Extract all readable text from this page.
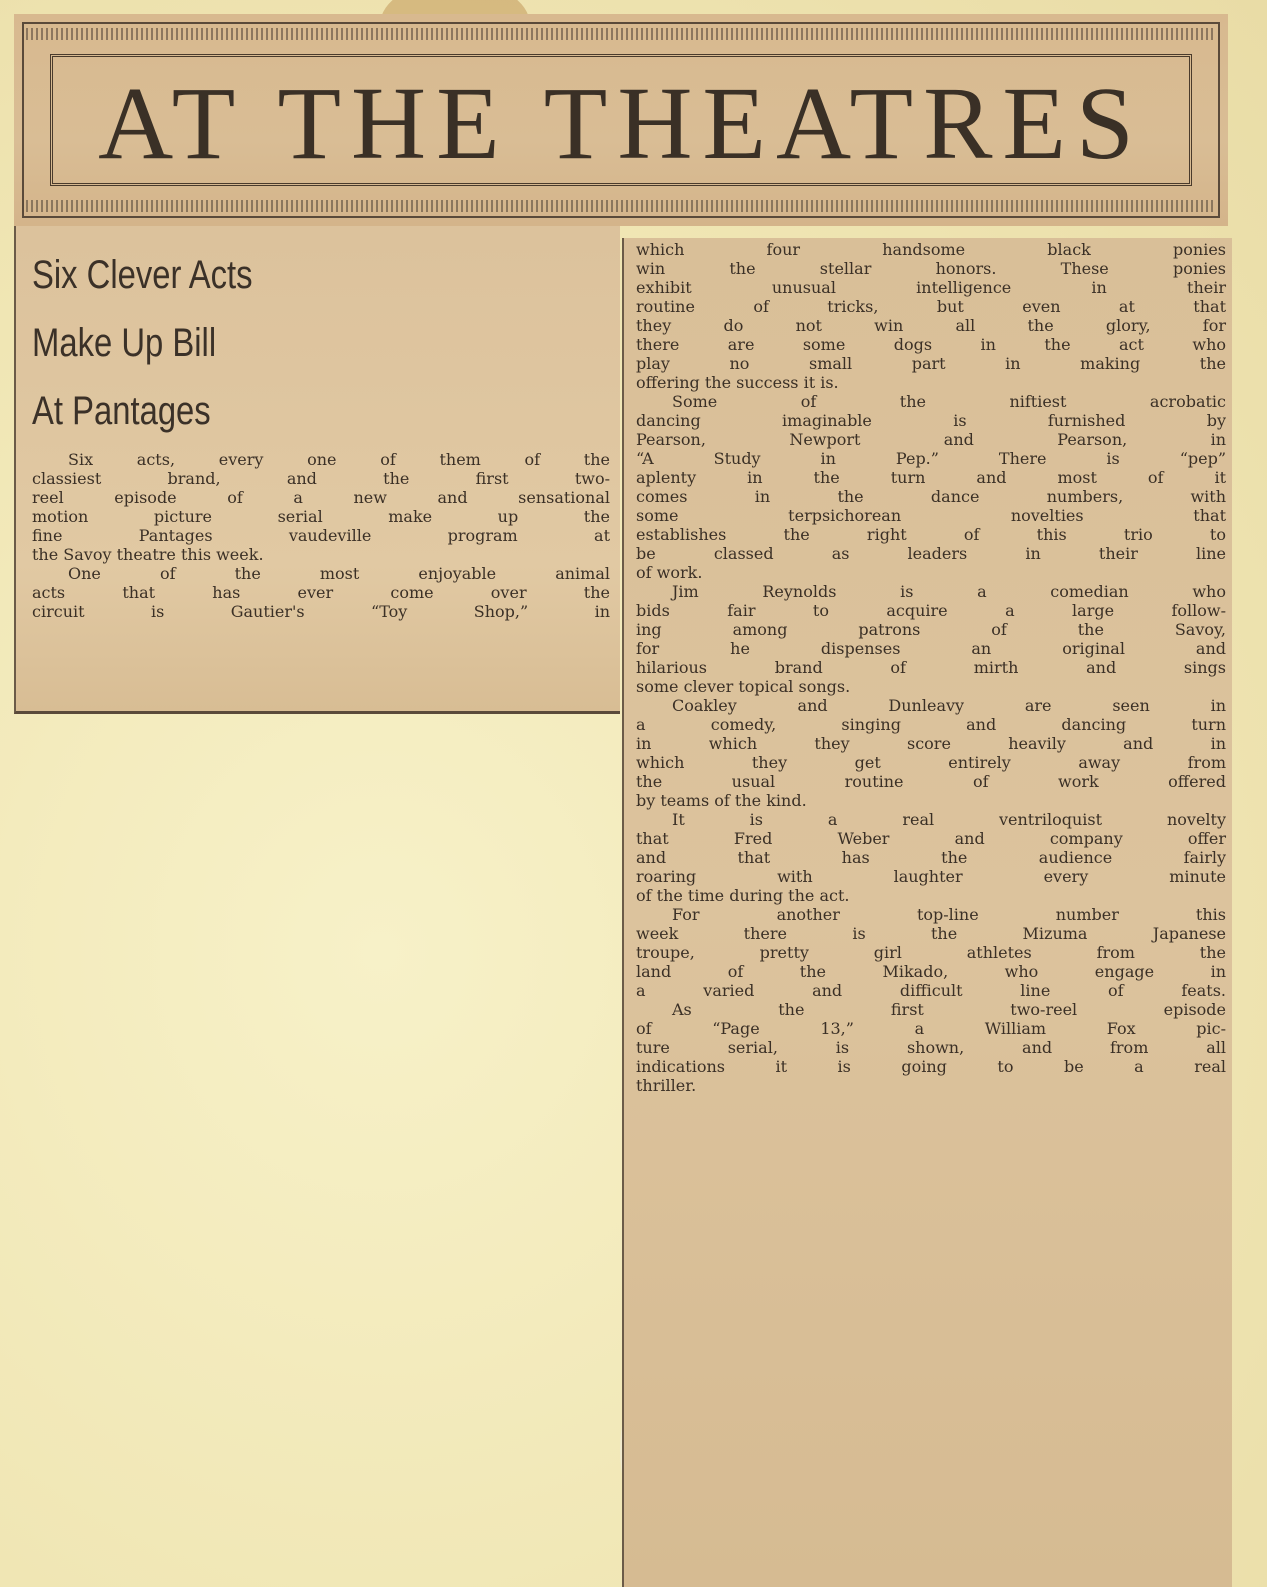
AT THE THEATRES
Six Clever Acts
Make Up Bill
At Pantages
Six acts, every one of them of the
classiest brand, and the first two-
reel episode of a new and sensational
motion picture serial make up the
fine Pantages vaudeville program at
the Savoy theatre this week.
One of the most enjoyable animal
acts that has ever come over the
circuit is Gautier's “Toy Shop,” in
which four handsome black ponies
win the stellar honors. These ponies
exhibit unusual intelligence in their
routine of tricks, but even at that
they do not win all the glory, for
there are some dogs in the act who
play no small part in making the
offering the success it is.
Some of the niftiest acrobatic
dancing imaginable is furnished by
Pearson, Newport and Pearson, in
“A Study in Pep.” There is “pep”
aplenty in the turn and most of it
comes in the dance numbers, with
some terpsichorean novelties that
establishes the right of this trio to
be classed as leaders in their line
of work.
Jim Reynolds is a comedian who
bids fair to acquire a large follow-
ing among patrons of the Savoy,
for he dispenses an original and
hilarious brand of mirth and sings
some clever topical songs.
Coakley and Dunleavy are seen in
a comedy, singing and dancing turn
in which they score heavily and in
which they get entirely away from
the usual routine of work offered
by teams of the kind.
It is a real ventriloquist novelty
that Fred Weber and company offer
and that has the audience fairly
roaring with laughter every minute
of the time during the act.
For another top-line number this
week there is the Mizuma Japanese
troupe, pretty girl athletes from the
land of the Mikado, who engage in
a varied and difficult line of feats.
As the first two-reel episode
of “Page 13,” a William Fox pic-
ture serial, is shown, and from all
indications it is going to be a real
thriller.
